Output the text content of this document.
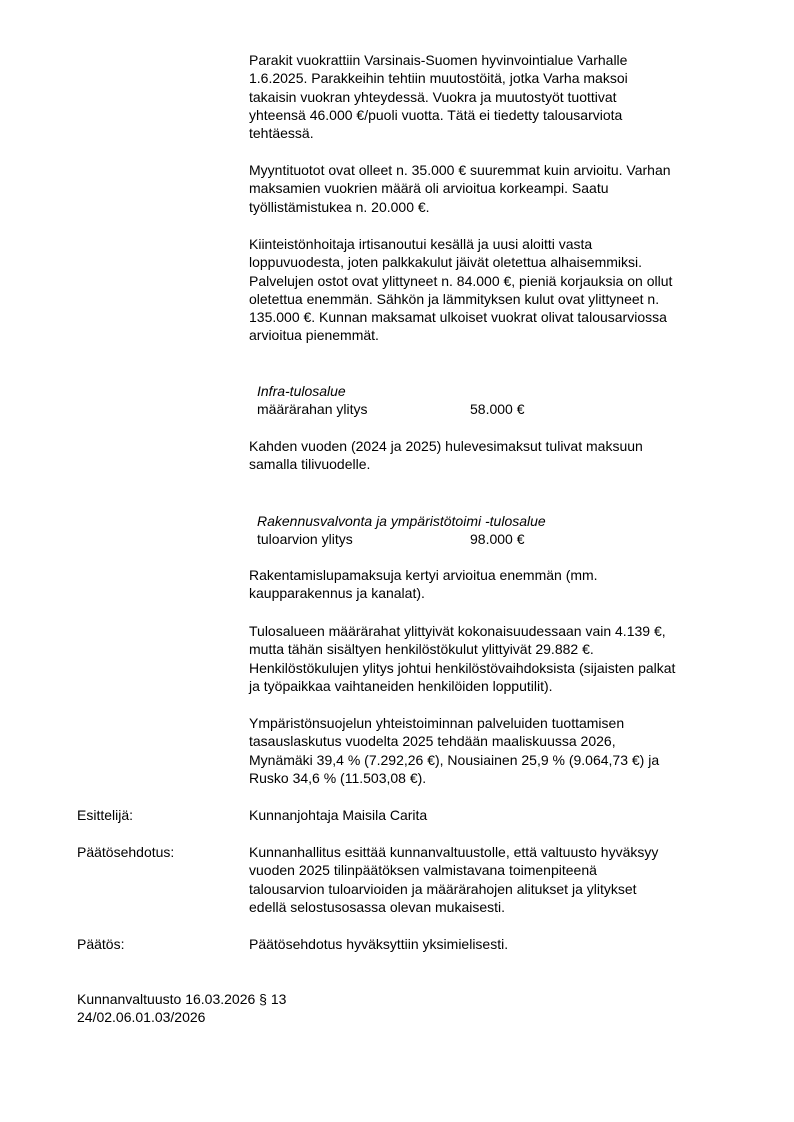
Parakit vuokrattiin Varsinais-Suomen hyvinvointialue Varhalle
1.6.2025. Parakkeihin tehtiin muutostöitä, jotka Varha maksoi
takaisin vuokran yhteydessä. Vuokra ja muutostyöt tuottivat
yhteensä 46.000 €/puoli vuotta. Tätä ei tiedetty talousarviota
tehtäessä.
Myyntituotot ovat olleet n. 35.000 € suuremmat kuin arvioitu. Varhan
maksamien vuokrien määrä oli arvioitua korkeampi. Saatu
työllistämistukea n. 20.000 €.
Kiinteistönhoitaja irtisanoutui kesällä ja uusi aloitti vasta
loppuvuodesta, joten palkkakulut jäivät oletettua alhaisemmiksi.
Palvelujen ostot ovat ylittyneet n. 84.000 €, pieniä korjauksia on ollut
oletettua enemmän. Sähkön ja lämmityksen kulut ovat ylittyneet n.
135.000 €. Kunnan maksamat ulkoiset vuokrat olivat talousarviossa
arvioitua pienemmät.
Infra-tulosalue
määrärahan ylitys	58.000 €
Kahden vuoden (2024 ja 2025) hulevesimaksut tulivat maksuun
samalla tilivuodelle.
Rakennusvalvonta ja ympäristötoimi -tulosalue
tuloarvion ylitys	98.000 €
Rakentamislupamaksuja kertyi arvioitua enemmän (mm.
kaupparakennus ja kanalat).
Tulosalueen määrärahat ylittyivät kokonaisuudessaan vain 4.139 €,
mutta tähän sisältyen henkilöstökulut ylittyivät 29.882 €.
Henkilöstökulujen ylitys johtui henkilöstövaihdoksista (sijaisten palkat
ja työpaikkaa vaihtaneiden henkilöiden lopputilit).
Ympäristönsuojelun yhteistoiminnan palveluiden tuottamisen
tasauslaskutus vuodelta 2025 tehdään maaliskuussa 2026,
Mynämäki 39,4 % (7.292,26 €), Nousiainen 25,9 % (9.064,73 €) ja
Rusko 34,6 % (11.503,08 €).
Esittelijä:	Kunnanjohtaja Maisila Carita
Päätösehdotus:	Kunnanhallitus esittää kunnanvaltuustolle, että valtuusto hyväksyy
vuoden 2025 tilinpäätöksen valmistavana toimenpiteenä
talousarvion tuloarvioiden ja määrärahojen alitukset ja ylitykset
edellä selostusosassa olevan mukaisesti.
Päätös:	Päätösehdotus hyväksyttiin yksimielisesti.
Kunnanvaltuusto 16.03.2026 § 13
24/02.06.01.03/2026
